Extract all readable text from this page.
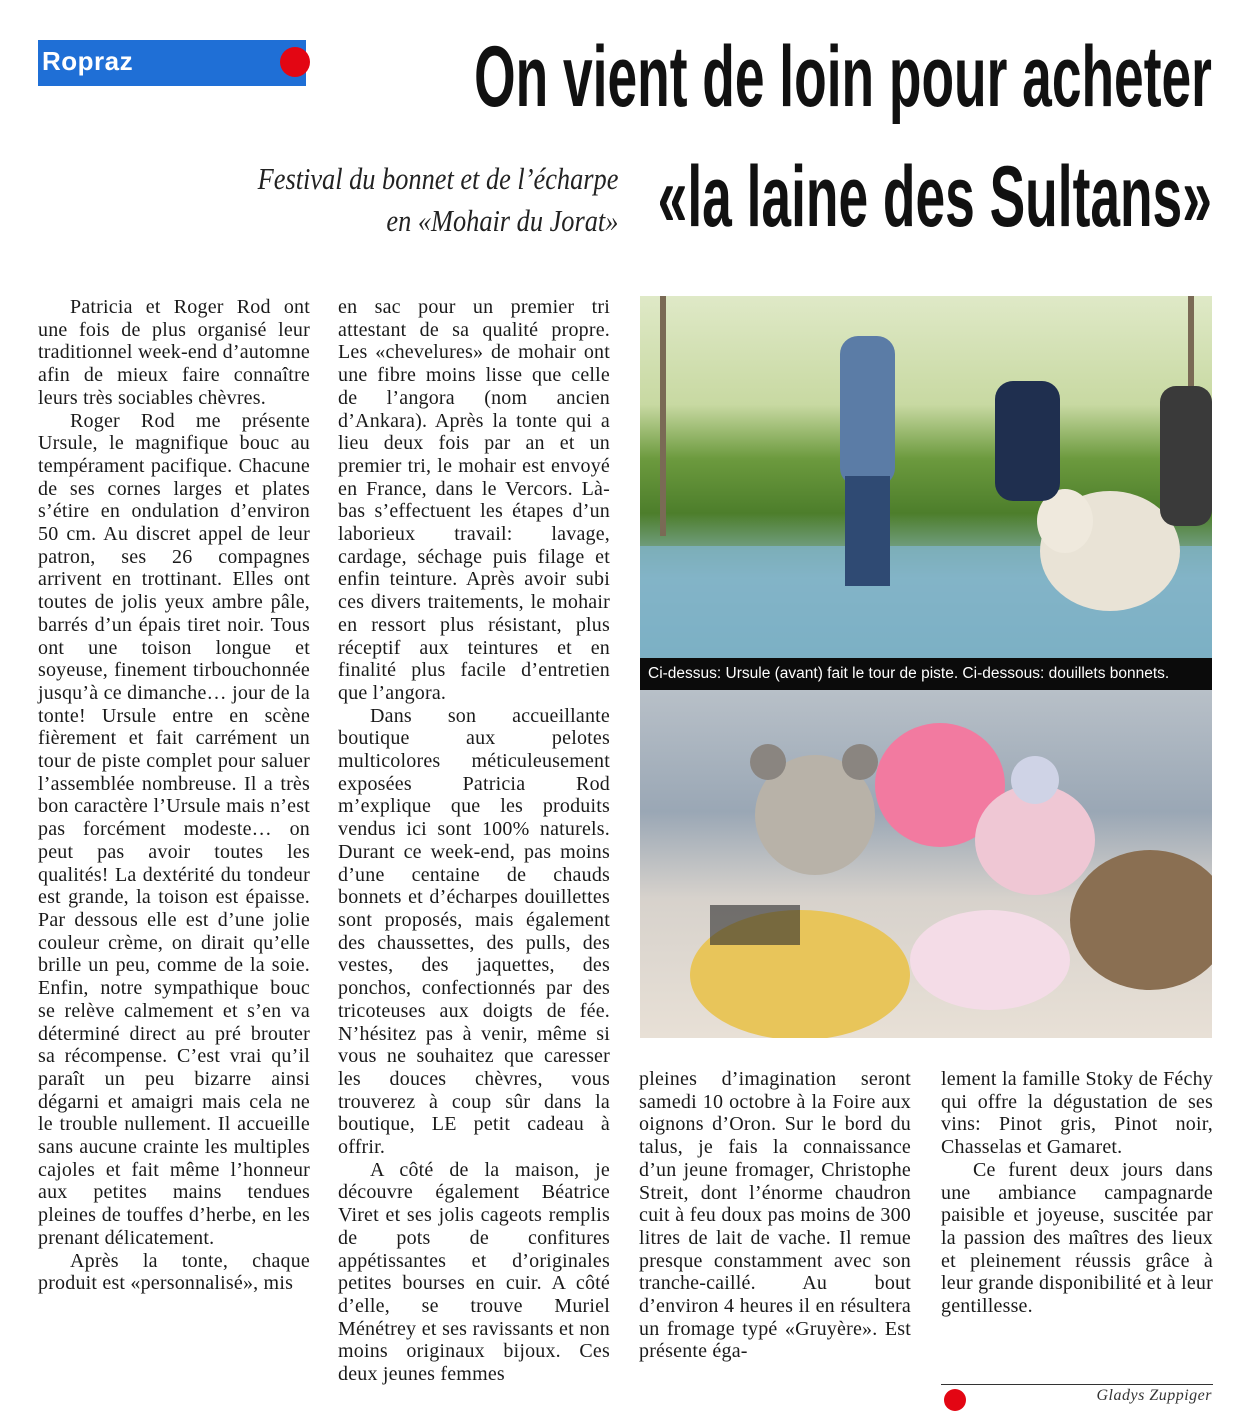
Ropraz	On vient de loin pour acheter
«la laine des Sultans»
Festival du bonnet et de l’écharpe
en «Mohair du Jorat»

Patricia et Roger Rod ont une fois de plus organisé leur traditionnel week-end d’automne afin de mieux faire connaître leurs très sociables chèvres.

Roger Rod me présente Ursule, le magnifique bouc au tempérament pacifique. Chacune de ses cornes larges et plates s’étire en ondulation d’environ 50 cm. Au discret appel de leur patron, ses 26 compagnes arrivent en trottinant. Elles ont toutes de jolis yeux ambre pâle, barrés d’un épais tiret noir. Tous ont une toison longue et soyeuse, finement tirbouchonnée jusqu’à ce dimanche… jour de la tonte! Ursule entre en scène fièrement et fait carrément un tour de piste complet pour saluer l’assemblée nombreuse. Il a très bon caractère l’Ursule mais n’est pas forcément modeste… on peut pas avoir toutes les qualités! La dextérité du tondeur est grande, la toison est épaisse. Par dessous elle est d’une jolie couleur crème, on dirait qu’elle brille un peu, comme de la soie. Enfin, notre sympathique bouc se relève calmement et s’en va déterminé direct au pré brouter sa récompense. C’est vrai qu’il paraît un peu bizarre ainsi dégarni et amaigri mais cela ne le trouble nullement. Il accueille sans aucune crainte les multiples cajoles et fait même l’honneur aux petites mains tendues pleines de touffes d’herbe, en les prenant délicatement.

Après la tonte, chaque produit est «personnalisé», mis

en sac pour un premier tri attestant de sa qualité propre. Les «chevelures» de mohair ont une fibre moins lisse que celle de l’angora (nom ancien d’Ankara). Après la tonte qui a lieu deux fois par an et un premier tri, le mohair est envoyé en France, dans le Vercors. Là-bas s’effectuent les étapes d’un laborieux travail: lavage, cardage, séchage puis filage et enfin teinture. Après avoir subi ces divers traitements, le mohair en ressort plus résistant, plus réceptif aux teintures et en finalité plus facile d’entretien que l’angora.

Dans son accueillante boutique aux pelotes multicolores méticuleusement exposées Patricia Rod m’explique que les produits vendus ici sont 100% naturels. Durant ce week-end, pas moins d’une centaine de chauds bonnets et d’écharpes douillettes sont proposés, mais également des chaussettes, des pulls, des vestes, des jaquettes, des ponchos, confectionnés par des tricoteuses aux doigts de fée. N’hésitez pas à venir, même si vous ne souhaitez que caresser les douces chèvres, vous trouverez à coup sûr dans la boutique, LE petit cadeau à offrir.

A côté de la maison, je découvre également Béatrice Viret et ses jolis cageots remplis de pots de confitures appétissantes et d’originales petites bourses en cuir. A côté d’elle, se trouve Muriel Ménétrey et ses ravissants et non moins originaux bijoux. Ces deux jeunes femmes

Ci-dessus: Ursule (avant) fait le tour de piste. Ci-dessous: douillets bonnets.

pleines d’imagination seront samedi 10 octobre à la Foire aux oignons d’Oron. Sur le bord du talus, je fais la connaissance d’un jeune fromager, Christophe Streit, dont l’énorme chaudron cuit à feu doux pas moins de 300 litres de lait de vache. Il remue presque constamment avec son tranche-caillé. Au bout d’environ 4 heures il en résultera un fromage typé «Gruyère». Est présente éga-

lement la famille Stoky de Féchy qui offre la dégustation de ses vins: Pinot gris, Pinot noir, Chasselas et Gamaret.

Ce furent deux jours dans une ambiance campagnarde paisible et joyeuse, suscitée par la passion des maîtres des lieux et pleinement réussis grâce à leur grande disponibilité et à leur gentillesse.

Gladys Zuppiger
